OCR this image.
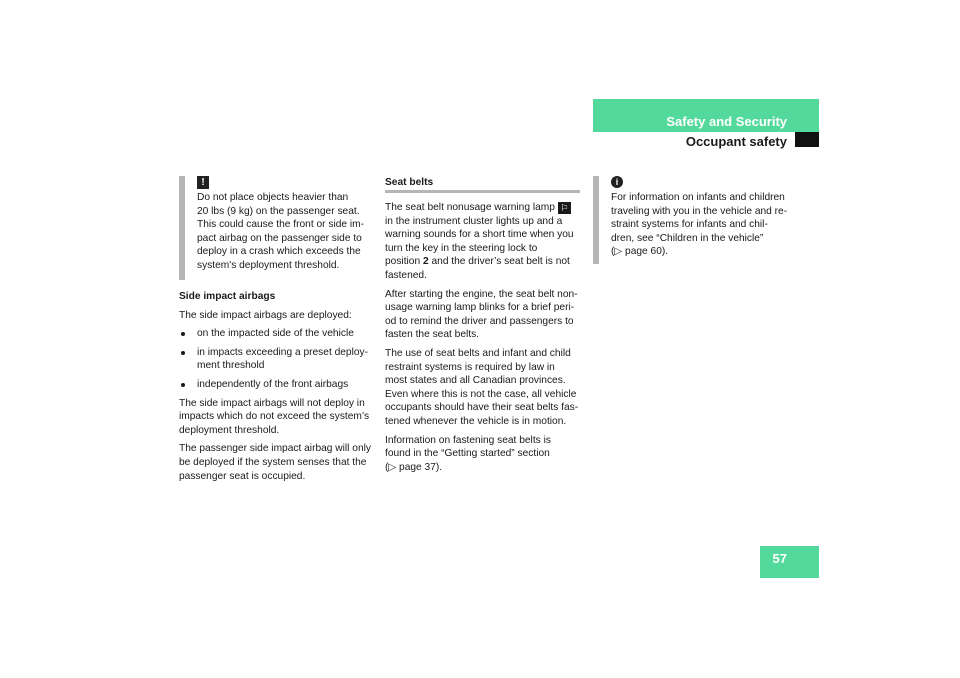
Safety and Security
Occupant safety
!

Do not place objects heavier than
20 lbs (9 kg) on the passenger seat.
This could cause the front or side im-
pact airbag on the passenger side to
deploy in a crash which exceeds the
system's deployment threshold.

Side impact airbags

The side impact airbags are deployed:

on the impacted side of the vehicle
in impacts exceeding a preset deploy-
ment threshold
independently of the front airbags

The side impact airbags will not deploy in
impacts which do not exceed the system’s
deployment threshold.

The passenger side impact airbag will only
be deployed if the system senses that the
passenger seat is occupied.

Seat belts

The seat belt nonusage warning lamp ⚐
in the instrument cluster lights up and a
warning sounds for a short time when you
turn the key in the steering lock to
position 2 and the driver’s seat belt is not
fastened.

After starting the engine, the seat belt non-
usage warning lamp blinks for a brief peri-
od to remind the driver and passengers to
fasten the seat belts.

The use of seat belts and infant and child
restraint systems is required by law in
most states and all Canadian provinces.
Even where this is not the case, all vehicle
occupants should have their seat belts fas-
tened whenever the vehicle is in motion.

Information on fastening seat belts is
found in the “Getting started” section
(▷ page 37).

i

For information on infants and children
traveling with you in the vehicle and re-
straint systems for infants and chil-
dren, see “Children in the vehicle”
(▷ page 60).

57
